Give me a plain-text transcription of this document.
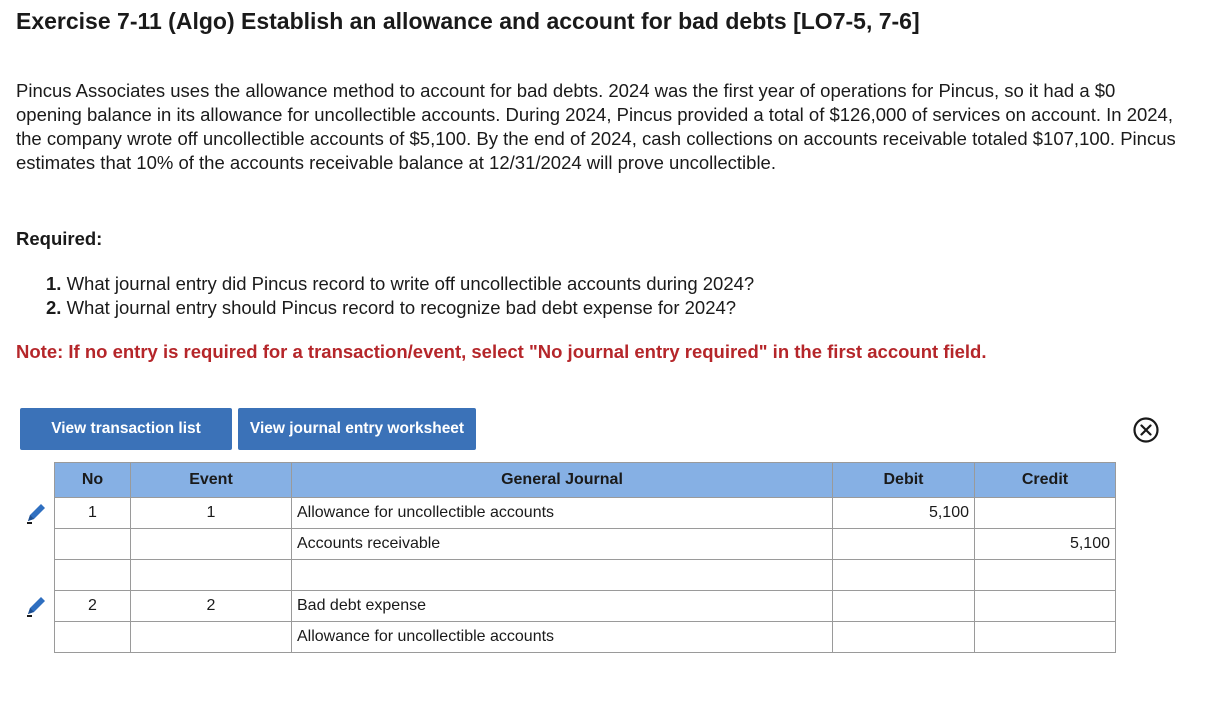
Exercise 7-11 (Algo) Establish an allowance and account for bad debts [LO7-5, 7-6]

Pincus Associates uses the allowance method to account for bad debts. 2024 was the first year of operations for Pincus, so it had a $0 opening balance in its allowance for uncollectible accounts. During 2024, Pincus provided a total of $126,000 of services on account. In 2024, the company wrote off uncollectible accounts of $5,100. By the end of 2024, cash collections on accounts receivable totaled $107,100. Pincus estimates that 10% of the accounts receivable balance at 12/31/2024 will prove uncollectible.

Required:

1. What journal entry did Pincus record to write off uncollectible accounts during 2024?
2. What journal entry should Pincus record to recognize bad debt expense for 2024?

Note: If no entry is required for a transaction/event, select "No journal entry required" in the first account field.

View transaction list	View journal entry worksheet
No	Event	General Journal	Debit	Credit
1	1	Allowance for uncollectible accounts	5,100	
		Accounts receivable		5,100

2	2	Bad debt expense		
		Allowance for uncollectible accounts		
